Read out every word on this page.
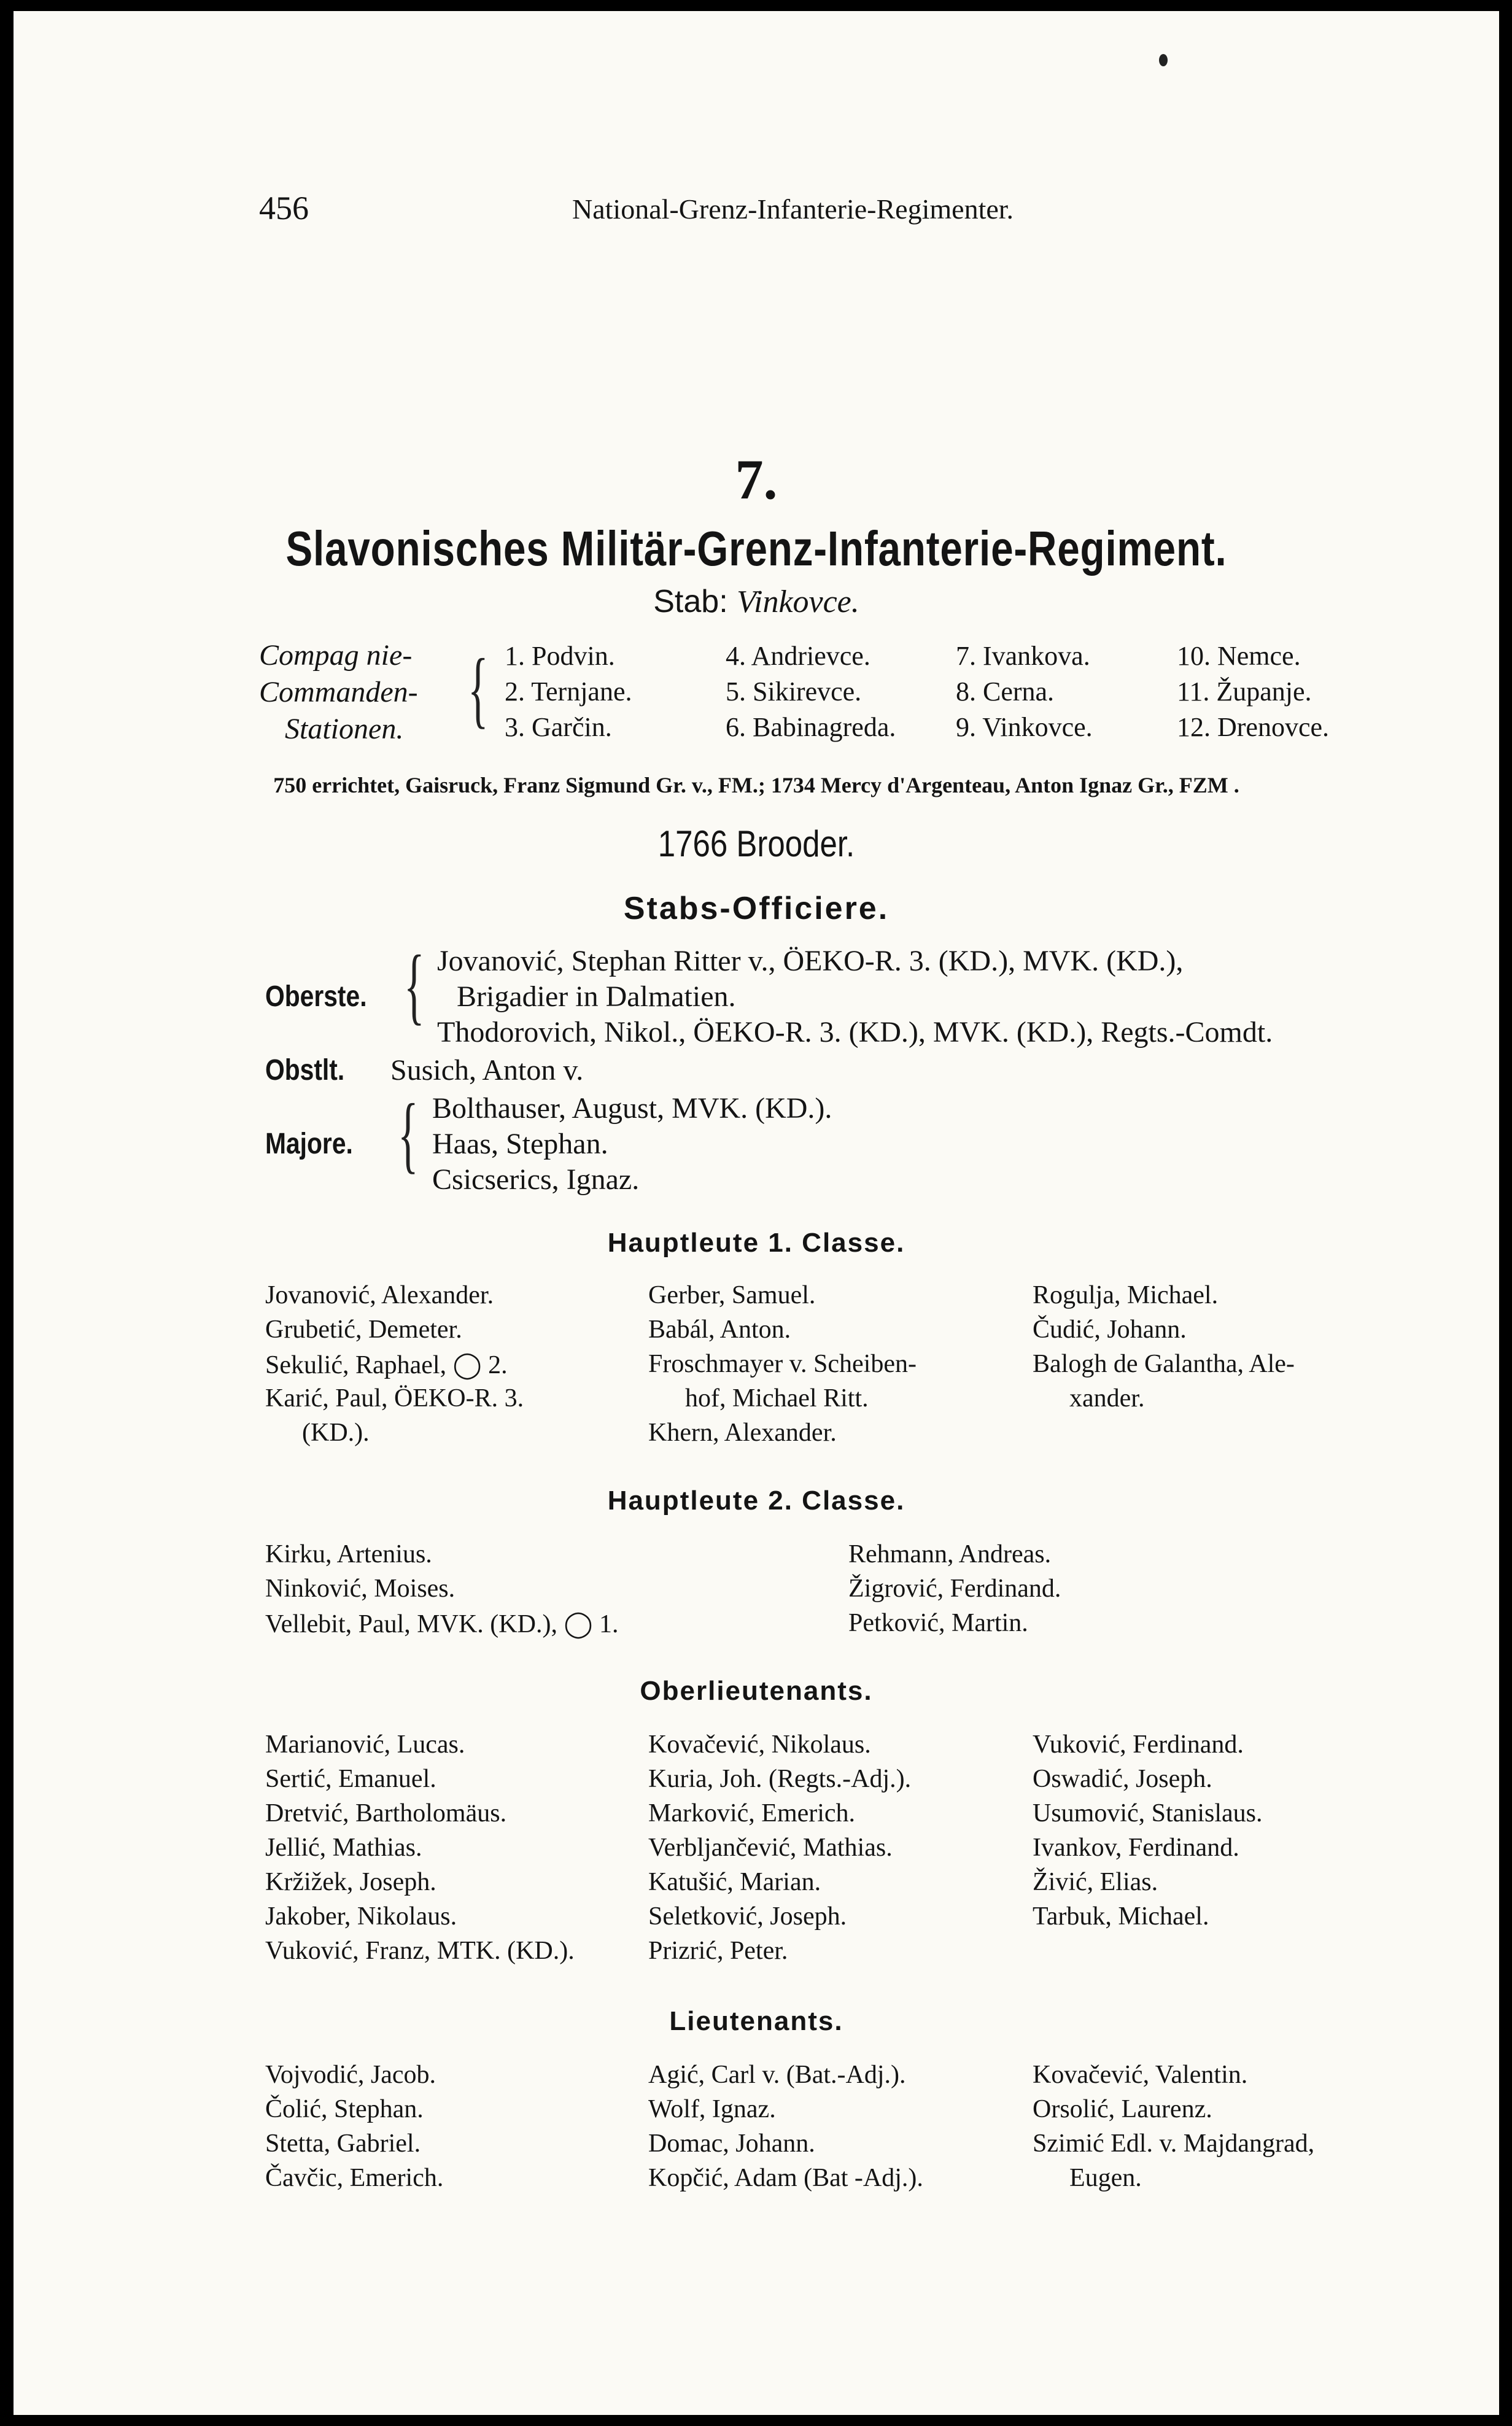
456	National-Grenz-Infanterie-Regimenter.
7.
Slavonisches Militär-Grenz-Infanterie-Regiment.
Stab: Vinkovce.
Compag nie-
Commanden-
Stationen. { 1. Podvin.
2. Ternjane.
3. Garčin.
4. Andrievce.
5. Sikirevce.
6. Babinagreda.
7. Ivankova.
8. Cerna.
9. Vinkovce.
10. Nemce.
11. Županje.
12. Drenovce.
750 errichtet, Gaisruck, Franz Sigmund Gr. v., FM.; 1734 Mercy d'Argenteau, Anton Ignaz Gr., FZM .
1766 Brooder.
Stabs-Officiere.
Oberste. { Jovanović, Stephan Ritter v., ÖEKO-R. 3. (KD.), MVK. (KD.),
Brigadier in Dalmatien.
Thodorovich, Nikol., ÖEKO-R. 3. (KD.), MVK. (KD.), Regts.-Comdt.
Obstlt. Susich, Anton v.
Majore. { Bolthauser, August, MVK. (KD.).
Haas, Stephan.
Csicserics, Ignaz.
Hauptleute 1. Classe.
Jovanović, Alexander.
Grubetić, Demeter.
Sekulić, Raphael, ◯ 2.
Karić, Paul, ÖEKO-R. 3.
(KD.).
Gerber, Samuel.
Babál, Anton.
Froschmayer v. Scheiben-
hof, Michael Ritt.
Khern, Alexander.
Rogulja, Michael.
Čudić, Johann.
Balogh de Galantha, Ale-
xander.
Hauptleute 2. Classe.
Kirku, Artenius.
Ninković, Moises.
Vellebit, Paul, MVK. (KD.), ◯ 1.
Rehmann, Andreas.
Žigrović, Ferdinand.
Petković, Martin.
Oberlieutenants.
Marianović, Lucas.
Sertić, Emanuel.
Dretvić, Bartholomäus.
Jellić, Mathias.
Kržižek, Joseph.
Jakober, Nikolaus.
Vuković, Franz, MTK. (KD.).
Kovačević, Nikolaus.
Kuria, Joh. (Regts.-Adj.).
Marković, Emerich.
Verbljančević, Mathias.
Katušić, Marian.
Seletković, Joseph.
Prizrić, Peter.
Vuković, Ferdinand.
Oswadić, Joseph.
Usumović, Stanislaus.
Ivankov, Ferdinand.
Živić, Elias.
Tarbuk, Michael.
Lieutenants.
Vojvodić, Jacob.
Čolić, Stephan.
Stetta, Gabriel.
Čavčic, Emerich.
Agić, Carl v. (Bat.-Adj.).
Wolf, Ignaz.
Domac, Johann.
Kopčić, Adam (Bat -Adj.).
Kovačević, Valentin.
Orsolić, Laurenz.
Szimić Edl. v. Majdangrad,
Eugen.
